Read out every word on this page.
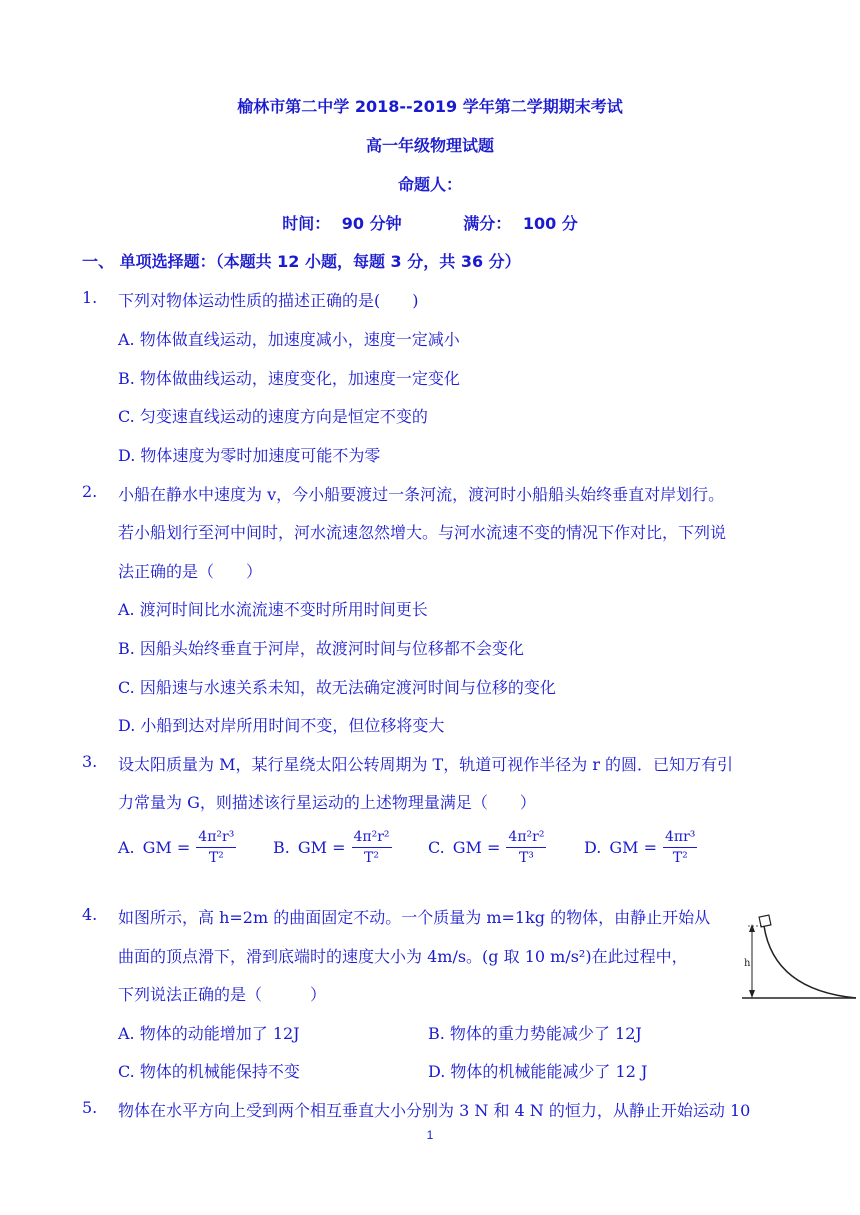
榆林市第二中学 2018--2019 学年第二学期期末考试
高一年级物理试题
命题人：
时间： 90 分钟	满分： 100 分
一、 单项选择题：（本题共 12 小题，每题 3 分，共 36 分）
1. 下列对物体运动性质的描述正确的是(　　)
A. 物体做直线运动，加速度减小，速度一定减小
B. 物体做曲线运动，速度变化，加速度一定变化
C. 匀变速直线运动的速度方向是恒定不变的
D. 物体速度为零时加速度可能不为零
2. 小船在静水中速度为 v，今小船要渡过一条河流，渡河时小船船头始终垂直对岸划行。
若小船划行至河中间时，河水流速忽然增大。与河水流速不变的情况下作对比，下列说
法正确的是（　　）
A. 渡河时间比水流流速不变时所用时间更长
B. 因船头始终垂直于河岸，故渡河时间与位移都不会变化
C. 因船速与水速关系未知，故无法确定渡河时间与位移的变化
D. 小船到达对岸所用时间不变，但位移将变大
3. 设太阳质量为 M，某行星绕太阳公转周期为 T，轨道可视作半径为 r 的圆．已知万有引
力常量为 G，则描述该行星运动的上述物理量满足（　　）
A. GM = $\frac{\text{4π²r³}}{\text{T²}} B$. GM = $\frac{\text{4π²r²}}{\text{T²}} C$. GM = $\frac{\text{4π²r²}}{\text{T³}} D$. GM = $\frac{\text{4πr³}}{\text{T²}}$
4. 如图所示，高 h=2m 的曲面固定不动。一个质量为 m=1kg 的物体，由静止开始从
曲面的顶点滑下，滑到底端时的速度大小为 4m/s。(g 取 10 m/s²)在此过程中，
下列说法正确的是（　　　）
A. 物体的动能增加了 12J	B. 物体的重力势能减少了 12J
C. 物体的机械能保持不变	D. 物体的机械能能减少了 12 J
h
5. 物体在水平方向上受到两个相互垂直大小分别为 3 N 和 4 N 的恒力，从静止开始运动 10
1
